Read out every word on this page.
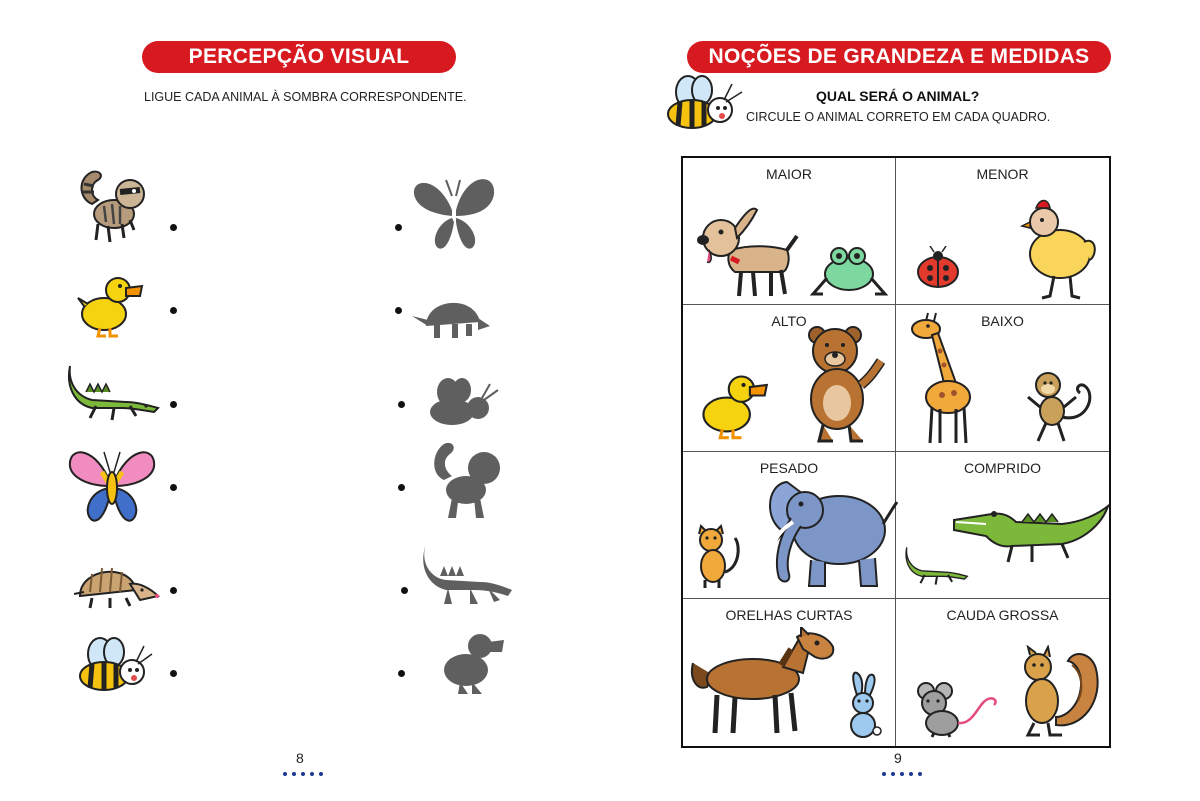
PERCEPÇÃO VISUAL
LIGUE CADA ANIMAL À SOMBRA CORRESPONDENTE.
8
NOÇÕES DE GRANDEZA E MEDIDAS
QUAL SERÁ O ANIMAL?
CIRCULE O ANIMAL CORRETO EM CADA QUADRO.
MAIOR	MENOR
ALTO	BAIXO
PESADO	COMPRIDO
ORELHAS CURTAS	CAUDA GROSSA
9
